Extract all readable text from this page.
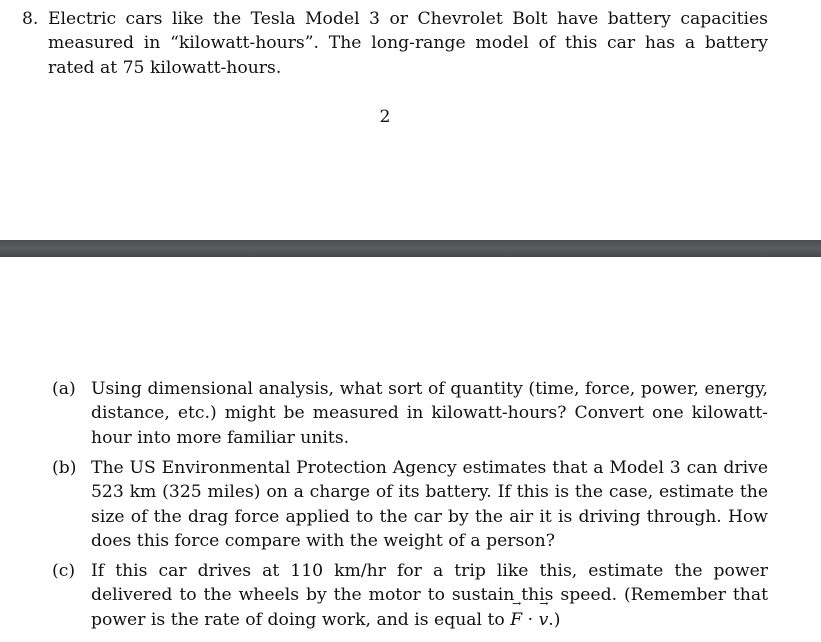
8. Electric cars like the Tesla Model 3 or Chevrolet Bolt have battery capacities measured in “kilowatt-hours”. The long-range model of this car has a battery rated at 75 kilowatt-hours.
2
(a) Using dimensional analysis, what sort of quantity (time, force, power, energy, distance, etc.) might be measured in kilowatt-hours? Convert one kilowatt-hour into more familiar units.
(b) The US Environmental Protection Agency estimates that a Model 3 can drive 523 km (325 miles) on a charge of its battery. If this is the case, estimate the size of the drag force applied to the car by the air it is driving through. How does this force compare with the weight of a person?
(c) If this car drives at 110 km/hr for a trip like this, estimate the power delivered to the wheels by the motor to sustain this speed. (Remember that power is the rate of doing work, and is equal to → F · → v.)
